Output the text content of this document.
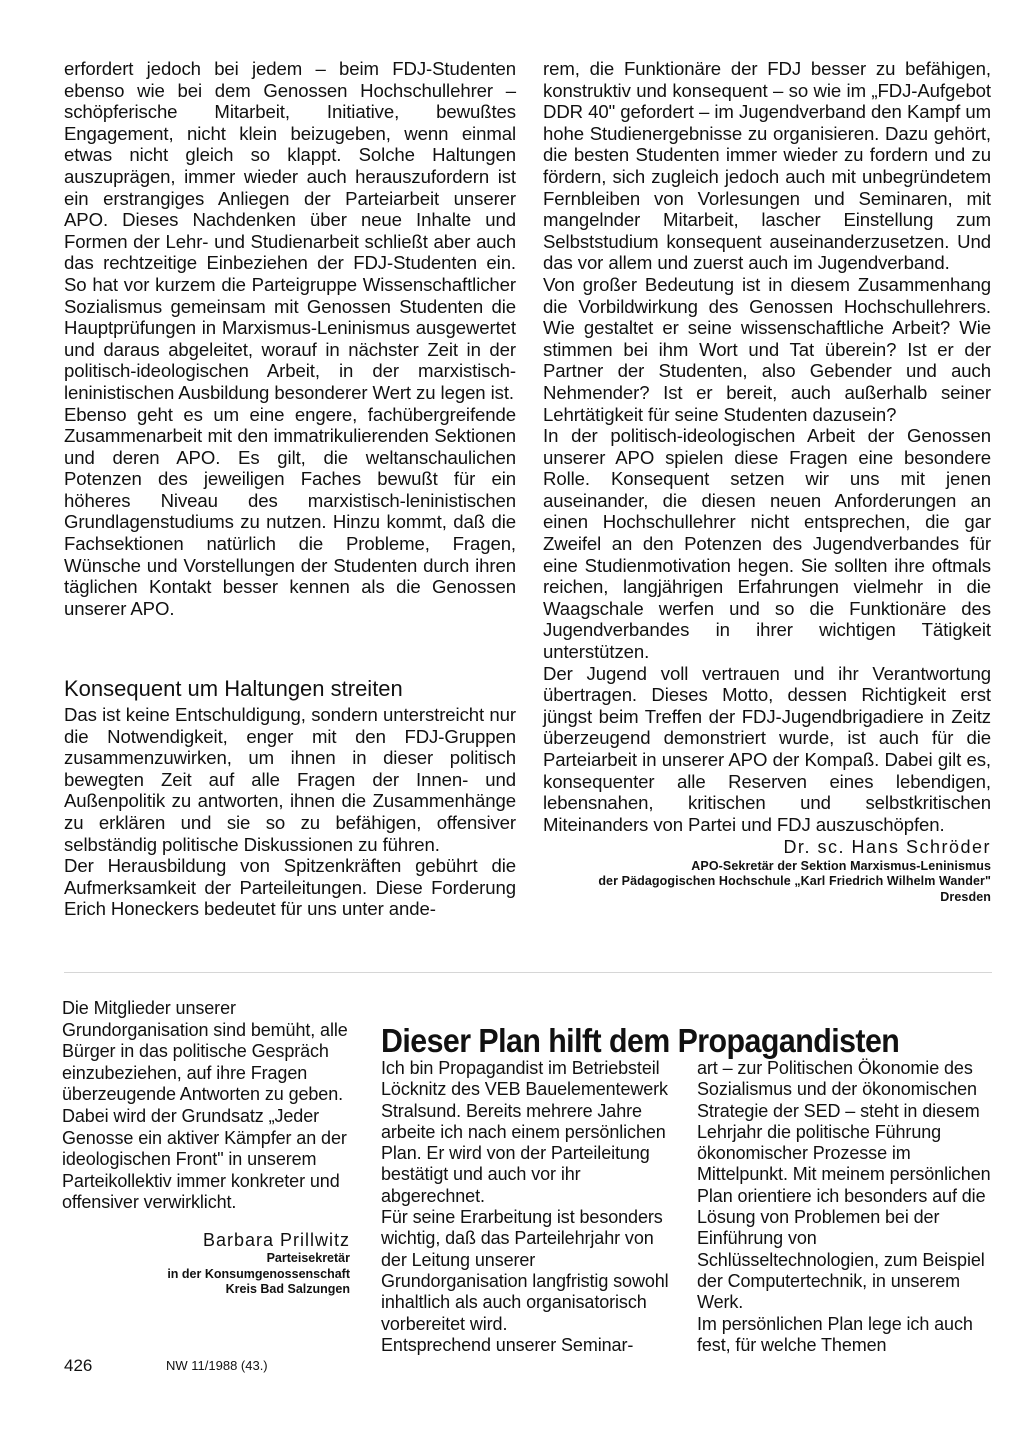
erfordert jedoch bei jedem – beim FDJ-Studenten ebenso wie bei dem Genossen Hochschullehrer – schöpferische Mitarbeit, Initiative, bewußtes Engagement, nicht klein beizugeben, wenn einmal etwas nicht gleich so klappt. Solche Haltungen auszuprägen, immer wieder auch herauszufordern ist ein erstrangiges Anliegen der Parteiarbeit unserer APO. Dieses Nachdenken über neue Inhalte und Formen der Lehr- und Studienarbeit schließt aber auch das rechtzeitige Einbeziehen der FDJ-Studenten ein. So hat vor kurzem die Parteigruppe Wissenschaftlicher Sozialismus gemeinsam mit Genossen Studenten die Hauptprüfungen in Marxismus-Leninismus ausgewertet und daraus abgeleitet, worauf in nächster Zeit in der politisch-ideologischen Arbeit, in der marxistisch-leninistischen Ausbildung besonderer Wert zu legen ist.

Ebenso geht es um eine engere, fachübergreifende Zusammenarbeit mit den immatrikulierenden Sektionen und deren APO. Es gilt, die weltanschaulichen Potenzen des jeweiligen Faches bewußt für ein höheres Niveau des marxistisch-leninistischen Grundlagenstudiums zu nutzen. Hinzu kommt, daß die Fachsektionen natürlich die Probleme, Fragen, Wünsche und Vorstellungen der Studenten durch ihren täglichen Kontakt besser kennen als die Genossen unserer APO.

Konsequent um Haltungen streiten

Das ist keine Entschuldigung, sondern unterstreicht nur die Notwendigkeit, enger mit den FDJ-Gruppen zusammenzuwirken, um ihnen in dieser politisch bewegten Zeit auf alle Fragen der Innen- und Außenpolitik zu antworten, ihnen die Zusammenhänge zu erklären und sie so zu befähigen, offensiver selbständig politische Diskussionen zu führen.

Der Herausbildung von Spitzenkräften gebührt die Aufmerksamkeit der Parteileitungen. Diese Forderung Erich Honeckers bedeutet für uns unter ande-

rem, die Funktionäre der FDJ besser zu befähigen, konstruktiv und konsequent – so wie im „FDJ-Aufgebot DDR 40" gefordert – im Jugendverband den Kampf um hohe Studienergebnisse zu organisieren. Dazu gehört, die besten Studenten immer wieder zu fordern und zu fördern, sich zugleich jedoch auch mit unbegründetem Fernbleiben von Vorlesungen und Seminaren, mit mangelnder Mitarbeit, lascher Einstellung zum Selbststudium konsequent auseinanderzusetzen. Und das vor allem und zuerst auch im Jugendverband.

Von großer Bedeutung ist in diesem Zusammenhang die Vorbildwirkung des Genossen Hochschullehrers. Wie gestaltet er seine wissenschaftliche Arbeit? Wie stimmen bei ihm Wort und Tat überein? Ist er der Partner der Studenten, also Gebender und auch Nehmender? Ist er bereit, auch außerhalb seiner Lehrtätigkeit für seine Studenten dazusein?

In der politisch-ideologischen Arbeit der Genossen unserer APO spielen diese Fragen eine besondere Rolle. Konsequent setzen wir uns mit jenen auseinander, die diesen neuen Anforderungen an einen Hochschullehrer nicht entsprechen, die gar Zweifel an den Potenzen des Jugendverbandes für eine Studienmotivation hegen. Sie sollten ihre oftmals reichen, langjährigen Erfahrungen vielmehr in die Waagschale werfen und so die Funktionäre des Jugendverbandes in ihrer wichtigen Tätigkeit unterstützen.

Der Jugend voll vertrauen und ihr Verantwortung übertragen. Dieses Motto, dessen Richtigkeit erst jüngst beim Treffen der FDJ-Jugendbrigadiere in Zeitz überzeugend demonstriert wurde, ist auch für die Parteiarbeit in unserer APO der Kompaß. Dabei gilt es, konsequenter alle Reserven eines lebendigen, lebensnahen, kritischen und selbstkritischen Miteinanders von Partei und FDJ auszuschöpfen.

Dr. sc. Hans Schröder
APO-Sekretär der Sektion Marxismus-Leninismus
der Pädagogischen Hochschule „Karl Friedrich Wilhelm Wander"
Dresden

Die Mitglieder unserer Grundorganisation sind bemüht, alle Bürger in das politische Gespräch einzubeziehen, auf ihre Fragen überzeugende Antworten zu geben. Dabei wird der Grundsatz „Jeder Genosse ein aktiver Kämpfer an der ideologischen Front" in unserem Parteikollektiv immer konkreter und offensiver verwirklicht.

Barbara Prillwitz
Parteisekretär
in der Konsumgenossenschaft
Kreis Bad Salzungen
Dieser Plan hilft dem Propagandisten

Ich bin Propagandist im Betriebsteil Löcknitz des VEB Bauelementewerk Stralsund. Bereits mehrere Jahre arbeite ich nach einem persönlichen Plan. Er wird von der Parteileitung bestätigt und auch vor ihr abgerechnet.

Für seine Erarbeitung ist besonders wichtig, daß das Parteilehrjahr von der Leitung unserer Grundorganisation langfristig sowohl inhaltlich als auch organisatorisch vorbereitet wird.

Entsprechend unserer Seminar-

art – zur Politischen Ökonomie des Sozialismus und der ökonomischen Strategie der SED – steht in diesem Lehrjahr die politische Führung ökonomischer Prozesse im Mittelpunkt. Mit meinem persönlichen Plan orientiere ich besonders auf die Lösung von Problemen bei der Einführung von Schlüsseltechnologien, zum Beispiel der Computertechnik, in unserem Werk.

Im persönlichen Plan lege ich auch fest, für welche Themen

426	NW 11/1988 (43.)
